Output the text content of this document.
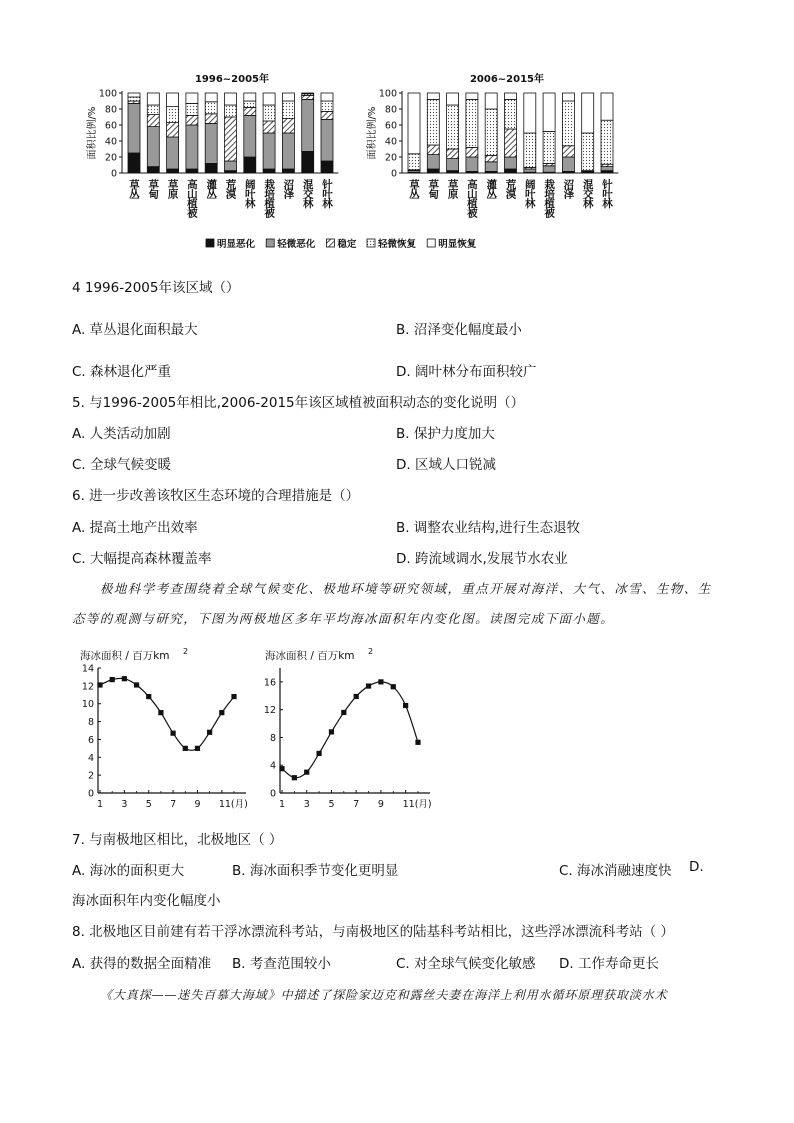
1996~2005年
面积比例/%
100
80
60
40
20
0
草丛 草甸 草原 高山植被 灌丛 荒漠 阔叶林 栽培植被 沼泽 混交林 针叶林
2006~2015年
面积比例/%
100
80
60
40
20
0
草丛 草甸 草原 高山植被 灌丛 荒漠 阔叶林 栽培植被 沼泽 混交林 针叶林
明显恶化 轻微恶化 稳定 轻微恢复 明显恢复
4 1996-2005年该区域（）
A. 草丛退化面积最大	B. 沼泽变化幅度最小
C. 森林退化严重	D. 阔叶林分布面积较广
5. 与1996-2005年相比,2006-2015年该区域植被面积动态的变化说明（）
A. 人类活动加剧	B. 保护力度加大
C. 全球气候变暖	D. 区域人口锐减
6. 进一步改善该牧区生态环境的合理措施是（）
A. 提高土地产出效率	B. 调整农业结构,进行生态退牧
C. 大幅提高森林覆盖率	D. 跨流域调水,发展节水农业
极地科学考查围绕着全球气候变化、极地环境等研究领域，重点开展对海洋、大气、冰雪、生物、生
态等的观测与研究，下图为两极地区多年平均海冰面积年内变化图。读图完成下面小题。
海冰面积 / 百万km 2
0
2
4
6
8
10
12
14
1 3 5 7 9 11(月)
海冰面积 / 百万km 2
0
4
8
12
16
1 3 5 7 9 11(月)
7. 与南极地区相比，北极地区（ ）
A. 海冰的面积更大	B. 海冰面积季节变化更明显	C. 海冰消融速度快 D.
海冰面积年内变化幅度小
8. 北极地区目前建有若干浮冰漂流科考站，与南极地区的陆基科考站相比，这些浮冰漂流科考站（ ）
A. 获得的数据全面精准 B. 考查范围较小	C. 对全球气候变化敏感 D. 工作寿命更长
《大真探——迷失百慕大海域》中描述了探险家迈克和露丝夫妻在海洋上利用水循环原理获取淡水术
